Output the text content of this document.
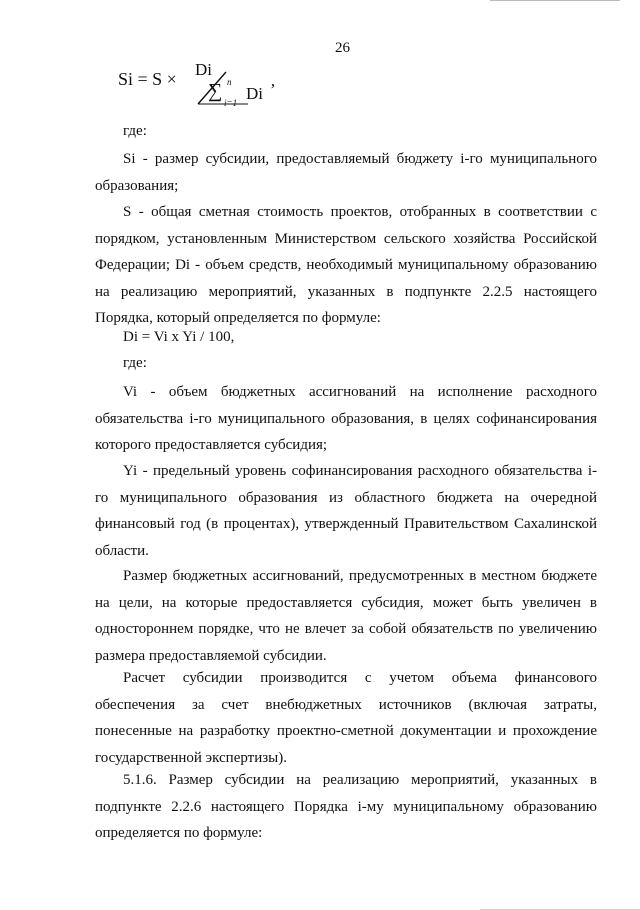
26
Si = S × Di
∑ n
i=1 Di ’
где:
Si - размер субсидии, предоставляемый бюджету i-го муниципального образования;
S - общая сметная стоимость проектов, отобранных в соответствии с порядком, установленным Министерством сельского хозяйства Российской Федерации; Di - объем средств, необходимый муниципальному образованию на реализацию мероприятий, указанных в подпункте 2.2.5 настоящего Порядка, который определяется по формуле:
Di = Vi x Yi / 100,
где:
Vi - объем бюджетных ассигнований на исполнение расходного обязательства i-го муниципального образования, в целях софинансирования которого предоставляется субсидия;
Yi - предельный уровень софинансирования расходного обязательства i-го муниципального образования из областного бюджета на очередной финансовый год (в процентах), утвержденный Правительством Сахалинской области.
Размер бюджетных ассигнований, предусмотренных в местном бюджете на цели, на которые предоставляется субсидия, может быть увеличен в одностороннем порядке, что не влечет за собой обязательств по увеличению размера предоставляемой субсидии.
Расчет субсидии производится с учетом объема финансового обеспечения за счет внебюджетных источников (включая затраты, понесенные на разработку проектно-сметной документации и прохождение государственной экспертизы).
5.1.6. Размер субсидии на реализацию мероприятий, указанных в подпункте 2.2.6 настоящего Порядка i-му муниципальному образованию определяется по формуле:
